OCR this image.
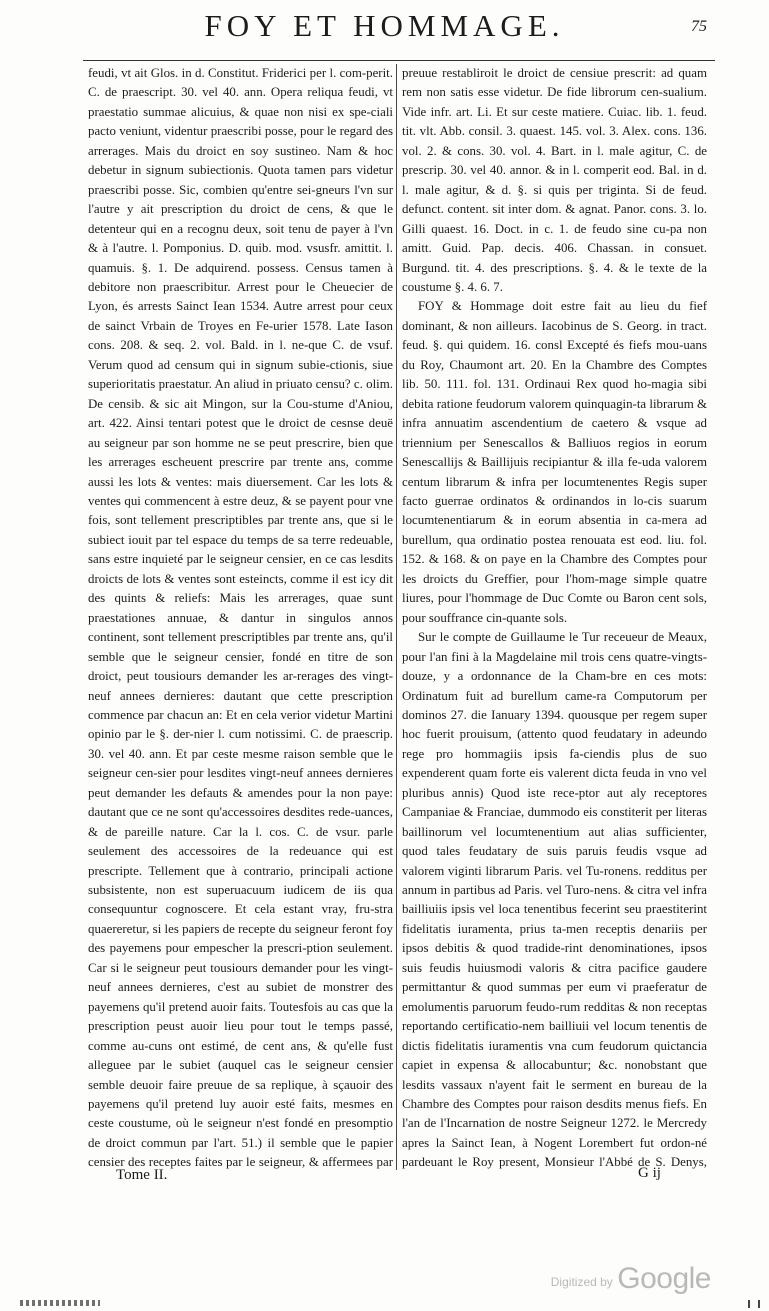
FOY ET HOMMAGE.	75

feudi, vt ait Glos. in d. Constitut. Friderici per l. com-perit. C. de praescript. 30. vel 40. ann. Opera reliqua feudi, vt praestatio summae alicuius, & quae non nisi ex spe-ciali pacto veniunt, videntur praescribi posse, pour le regard des arrerages. Mais du droict en soy sustineo. Nam & hoc debetur in signum subiectionis. Quota tamen pars videtur praescribi posse. Sic, combien qu'entre sei-gneurs l'vn sur l'autre y ait prescription du droict de cens, & que le detenteur qui en a recognu deux, soit tenu de payer à l'vn & à l'autre. l. Pomponius. D. quib. mod. vsusfr. amittit. l. quamuis. §. 1. De adquirend. possess. Census tamen à debitore non praescribitur. Arrest pour le Cheuecier de Lyon, és arrests Sainct Iean 1534. Autre arrest pour ceux de sainct Vrbain de Troyes en Fe-urier 1578. Late Iason cons. 208. & seq. 2. vol. Bald. in l. ne-que C. de vsuf. Verum quod ad censum qui in signum subie-ctionis, siue superioritatis praestatur. An aliud in priuato censu? c. olim. De censib. & sic ait Mingon, sur la Cou-stume d'Aniou, art. 422. Ainsi tentari potest que le droict de cesnse deuë au seigneur par son homme ne se peut prescrire, bien que les arrerages escheuent prescrire par trente ans, comme aussi les lots & ventes: mais diuersement. Car les lots & ventes qui commencent à estre deuz, & se payent pour vne fois, sont tellement prescriptibles par trente ans, que si le subiect iouit par tel espace du temps de sa terre redeuable, sans estre inquieté par le seigneur censier, en ce cas lesdits droicts de lots & ventes sont esteincts, comme il est icy dit des quints & reliefs: Mais les arrerages, quae sunt praestationes annuae, & dantur in singulos annos continent, sont tellement prescriptibles par trente ans, qu'il semble que le seigneur censier, fondé en titre de son droict, peut tousiours demander les ar-rerages des vingt-neuf annees dernieres: dautant que cette prescription commence par chacun an: Et en cela verior videtur Martini opinio par le §. der-nier l. cum notissimi. C. de praescrip. 30. vel 40. ann. Et par ceste mesme raison semble que le seigneur cen-sier pour lesdites vingt-neuf annees dernieres peut demander les defauts & amendes pour la non paye: dautant que ce ne sont qu'accessoires desdites rede-uances, & de pareille nature. Car la l. cos. C. de vsur. parle seulement des accessoires de la redeuance qui est prescripte. Tellement que à contrario, principali actione subsistente, non est superuacuum iudicem de iis qua consequuntur cognoscere. Et cela estant vray, fru-stra quaereretur, si les papiers de recepte du seigneur feront foy des payemens pour empescher la prescri-ption seulement. Car si le seigneur peut tousiours demander pour les vingt-neuf annees dernieres, c'est au subiet de monstrer des payemens qu'il pretend auoir faits. Toutesfois au cas que la prescription peust auoir lieu pour tout le temps passé, comme au-cuns ont estimé, de cent ans, & qu'elle fust alleguee par le subiet (auquel cas le seigneur censier semble deuoir faire preuue de sa replique, à sçauoir des payemens qu'il pretend luy auoir esté faits, mesmes en ceste coustume, où le seigneur n'est fondé en presomptio de droict commun par l'art. 51.) il semble que le papier censier des receptes faites par le seigneur, & affermees par

preuue restabliroit le droict de censiue prescrit: ad quam rem non satis esse videtur. De fide librorum cen-sualium. Vide infr. art. Li. Et sur ceste matiere. Cuiac. lib. 1. feud. tit. vlt. Abb. consil. 3. quaest. 145. vol. 3. Alex. cons. 136. vol. 2. & cons. 30. vol. 4. Bart. in l. male agitur, C. de prescrip. 30. vel 40. annor. & in l. comperit eod. Bal. in d. l. male agitur, & d. §. si quis per triginta. Si de feud. defunct. content. sit inter dom. & agnat. Panor. cons. 3. lo. Gilli quaest. 16. Doct. in c. 1. de feudo sine cu-pa non amitt. Guid. Pap. decis. 406. Chassan. in consuet. Burgund. tit. 4. des prescriptions. §. 4. & le texte de la coustume §. 4. 6. 7.

FOY & Hommage doit estre fait au lieu du fief dominant, & non ailleurs. Iacobinus de S. Georg. in tract. feud. §. qui quidem. 16. consl Excepté és fiefs mou-uans du Roy, Chaumont art. 20. En la Chambre des Comptes lib. 50. 111. fol. 131. Ordinaui Rex quod ho-magia sibi debita ratione feudorum valorem quinquagin-ta librarum & infra annuatim ascendentium de caetero & vsque ad triennium per Senescallos & Balliuos regios in eorum Senescallijs & Baillijuis recipiantur & illa fe-uda valorem centum librarum & infra per locumtenentes Regis super facto guerrae ordinatos & ordinandos in lo-cis suarum locumtenentiarum & in eorum absentia in ca-mera ad burellum, qua ordinatio postea renouata est eod. liu. fol. 152. & 168. & on paye en la Chambre des Comptes pour les droicts du Greffier, pour l'hom-mage simple quatre liures, pour l'hommage de Duc Comte ou Baron cent sols, pour souffrance cin-quante sols.

Sur le compte de Guillaume le Tur receueur de Meaux, pour l'an fini à la Magdelaine mil trois cens quatre-vingts-douze, y a ordonnance de la Cham-bre en ces mots: Ordinatum fuit ad burellum came-ra Computorum per dominos 27. die Ianuary 1394. quousque per regem super hoc fuerit prouisum, (attento quod feudatary in adeundo rege pro hommagiis ipsis fa-ciendis plus de suo expenderent quam forte eis valerent dicta feuda in vno vel pluribus annis) Quod iste rece-ptor aut aly receptores Campaniae & Franciae, dummodo eis constiterit per literas baillinorum vel locumtenentium aut alias sufficienter, quod tales feudatary de suis paruis feudis vsque ad valorem viginti librarum Paris. vel Tu-ronens. redditus per annum in partibus ad Paris. vel Turo-nens. & citra vel infra bailliuiis ipsis vel loca tenentibus fecerint seu praestiterint fidelitatis iuramenta, prius ta-men receptis denariis per ipsos debitis & quod tradide-rint denominationes, ipsos suis feudis huiusmodi valoris & citra pacifice gaudere permittantur & quod summas per eum vi praeferatur de emolumentis paruorum feudo-rum redditas & non receptas reportando certificatio-nem bailliuii vel locum tenentis de dictis fidelitatis iuramentis vna cum feudorum quictancia capiet in expensa & allocabuntur; &c. nonobstant que lesdits vassaux n'ayent fait le serment en bureau de la Chambre des Comptes pour raison desdits menus fiefs. En l'an de l'Incarnation de nostre Seigneur 1272. le Mercredy apres la Sainct Iean, à Nogent Lorembert fut ordon-né pardeuant le Roy present, Monsieur l'Abbé de S. Denys,

Tome II.	G ij
Digitized by Google
